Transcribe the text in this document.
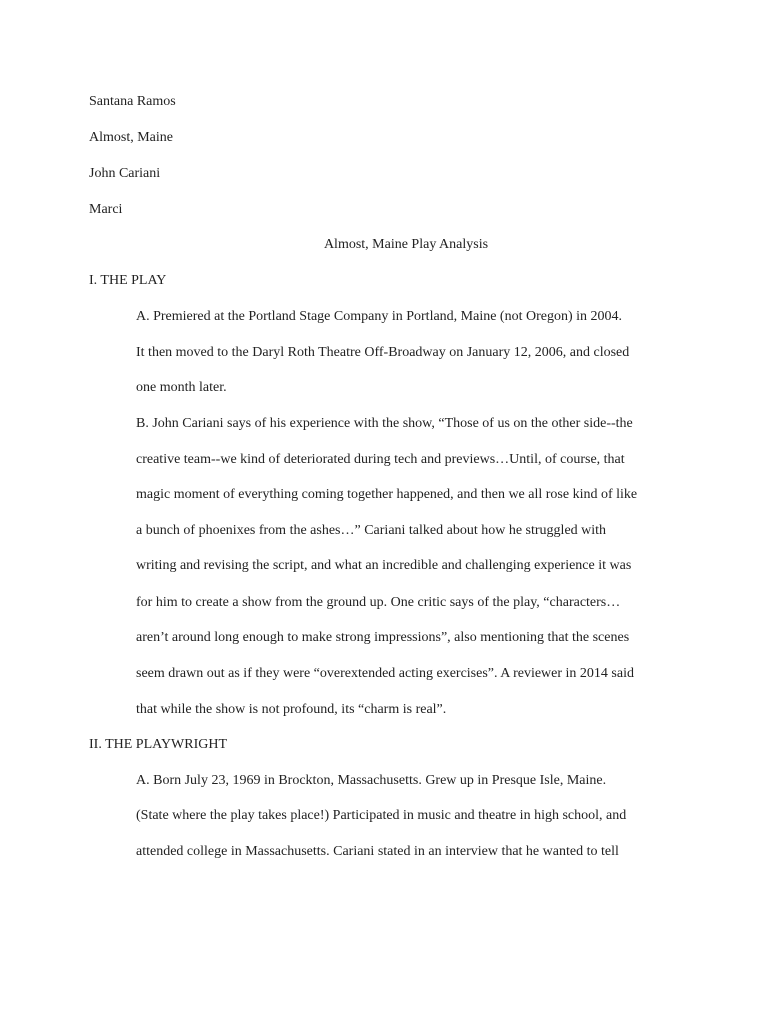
Santana Ramos
Almost, Maine
John Cariani
Marci
Almost, Maine Play Analysis
I. THE PLAY
A. Premiered at the Portland Stage Company in Portland, Maine (not Oregon) in 2004.
It then moved to the Daryl Roth Theatre Off-Broadway on January 12, 2006, and closed
one month later.
B. John Cariani says of his experience with the show, “Those of us on the other side--the
creative team--we kind of deteriorated during tech and previews…Until, of course, that
magic moment of everything coming together happened, and then we all rose kind of like
a bunch of phoenixes from the ashes…” Cariani talked about how he struggled with
writing and revising the script, and what an incredible and challenging experience it was
for him to create a show from the ground up. One critic says of the play, “characters…
aren’t around long enough to make strong impressions”, also mentioning that the scenes
seem drawn out as if they were “overextended acting exercises”. A reviewer in 2014 said
that while the show is not profound, its “charm is real”.
II. THE PLAYWRIGHT
A. Born July 23, 1969 in Brockton, Massachusetts. Grew up in Presque Isle, Maine.
(State where the play takes place!) Participated in music and theatre in high school, and
attended college in Massachusetts. Cariani stated in an interview that he wanted to tell
